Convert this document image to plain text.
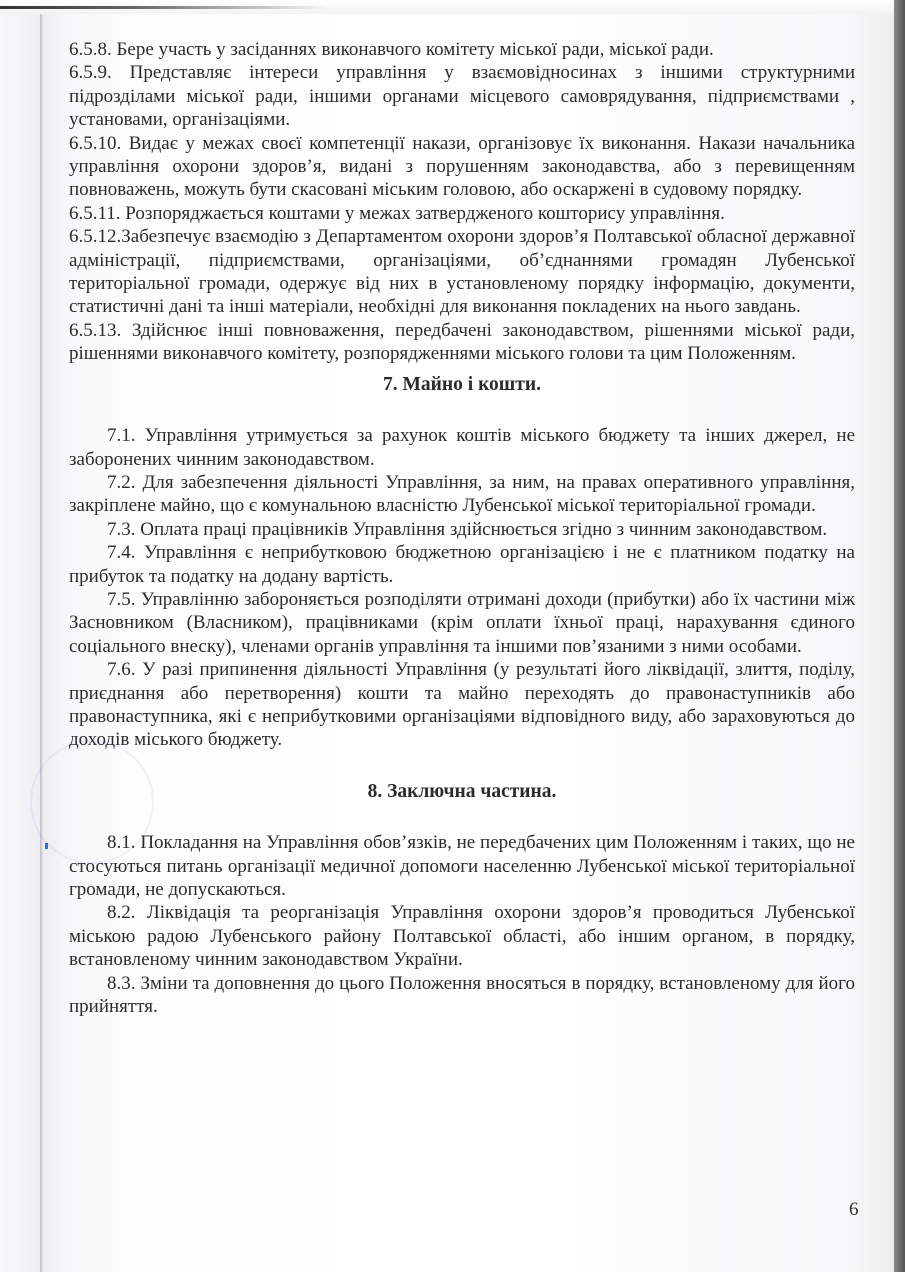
6.5.8. Бере участь у засіданнях виконавчого комітету міської ради, міської ради.

6.5.9. Представляє інтереси управління у взаємовідносинах з іншими структурними підрозділами міської ради, іншими органами місцевого самоврядування, підприємствами , установами, організаціями.

6.5.10. Видає у межах своєї компетенції накази, організовує їх виконання. Накази начальника управління охорони здоров’я, видані з порушенням законодавства, або з перевищенням повноважень, можуть бути скасовані міським головою, або оскаржені в судовому порядку.

6.5.11. Розпоряджається коштами у межах затвердженого кошторису управління.

6.5.12.Забезпечує взаємодію з Департаментом охорони здоров’я Полтавської обласної державної адміністрації, підприємствами, організаціями, об’єднаннями громадян Лубенської територіальної громади, одержує від них в установленому порядку інформацію, документи, статистичні дані та інші матеріали, необхідні для виконання покладених на нього завдань.

6.5.13. Здійснює інші повноваження, передбачені законодавством, рішеннями міської ради, рішеннями виконавчого комітету, розпорядженнями міського голови та цим Положенням.

7. Майно і кошти.

7.1. Управління утримується за рахунок коштів міського бюджету та інших джерел, не заборонених чинним законодавством.

7.2. Для забезпечення діяльності Управління, за ним, на правах оперативного управління, закріплене майно, що є комунальною власністю Лубенської міської територіальної громади.

7.3. Оплата праці працівників Управління здійснюється згідно з чинним законодавством.

7.4. Управління є неприбутковою бюджетною організацією і не є платником податку на прибуток та податку на додану вартість.

7.5. Управлінню забороняється розподіляти отримані доходи (прибутки) або їх частини між Засновником (Власником), працівниками (крім оплати їхньої праці, нарахування єдиного соціального внеску), членами органів управління та іншими пов’язаними з ними особами.

7.6. У разі припинення діяльності Управління (у результаті його ліквідації, злиття, поділу, приєднання або перетворення) кошти та майно переходять до правонаступників або правонаступника, які є неприбутковими організаціями відповідного виду, або зараховуються до доходів міського бюджету.

8. Заключна частина.

8.1. Покладання на Управління обов’язків, не передбачених цим Положенням і таких, що не стосуються питань організації медичної допомоги населенню Лубенської міської територіальної громади, не допускаються.

8.2. Ліквідація та реорганізація Управління охорони здоров’я проводиться Лубенської міською радою Лубенського району Полтавської області, або іншим органом, в порядку, встановленому чинним законодавством України.

8.3. Зміни та доповнення до цього Положення вносяться в порядку, встановленому для його прийняття.

6
